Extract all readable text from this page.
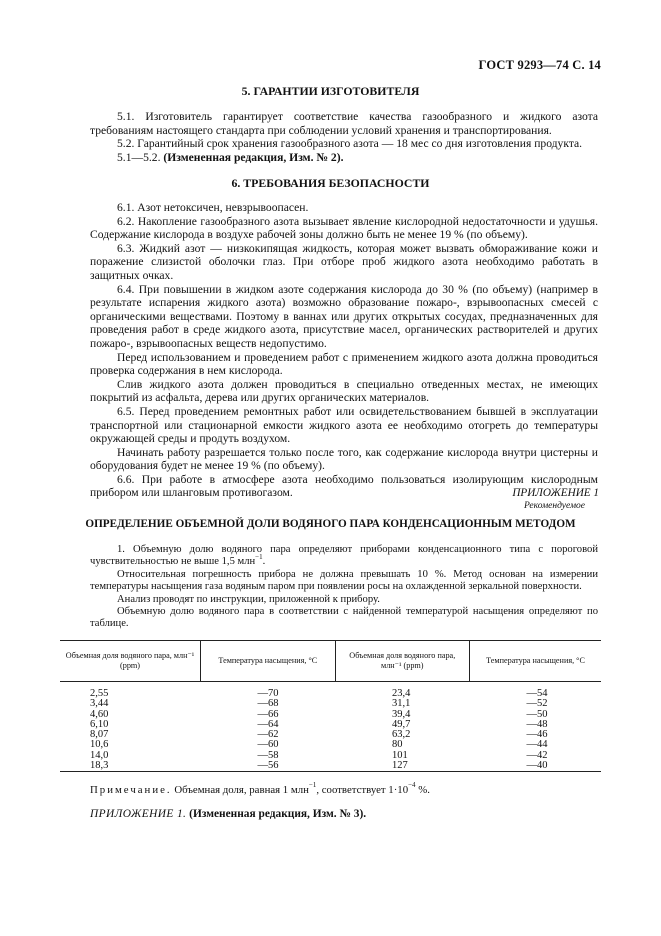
ГОСТ 9293—74 С. 14
5. ГАРАНТИИ ИЗГОТОВИТЕЛЯ

5.1. Изготовитель гарантирует соответствие качества газообразного и жидкого азота требованиям настоящего стандарта при соблюдении условий хранения и транспортирования.

5.2. Гарантийный срок хранения газообразного азота — 18 мес со дня изготовления продукта.

5.1—5.2. (Измененная редакция, Изм. № 2).

6. ТРЕБОВАНИЯ БЕЗОПАСНОСТИ

6.1. Азот нетоксичен, невзрывоопасен.

6.2. Накопление газообразного азота вызывает явление кислородной недостаточности и удушья. Содержание кислорода в воздухе рабочей зоны должно быть не менее 19 % (по объему).

6.3. Жидкий азот — низкокипящая жидкость, которая может вызвать обмораживание кожи и поражение слизистой оболочки глаз. При отборе проб жидкого азота необходимо работать в защитных очках.

6.4. При повышении в жидком азоте содержания кислорода до 30 % (по объему) (например в результате испарения жидкого азота) возможно образование пожаро-, взрывоопасных смесей с органическими веществами. Поэтому в ваннах или других открытых сосудах, предназначенных для проведения работ в среде жидкого азота, присутствие масел, органических растворителей и других пожаро-, взрывоопасных веществ недопустимо.

Перед использованием и проведением работ с применением жидкого азота должна проводиться проверка содержания в нем кислорода.

Слив жидкого азота должен проводиться в специально отведенных местах, не имеющих покрытий из асфальта, дерева или других органических материалов.

6.5. Перед проведением ремонтных работ или освидетельствованием бывшей в эксплуатации транспортной или стационарной емкости жидкого азота ее необходимо отогреть до температуры окружающей среды и продуть воздухом.

Начинать работу разрешается только после того, как содержание кислорода внутри цистерны и оборудования будет не менее 19 % (по объему).

6.6. При работе в атмосфере азота необходимо пользоваться изолирующим кислородным прибором или шланговым противогазом.	ПРИЛОЖЕНИЕ 1
Рекомендуемое
ОПРЕДЕЛЕНИЕ ОБЪЕМНОЙ ДОЛИ ВОДЯНОГО ПАРА КОНДЕНСАЦИОННЫМ МЕТОДОМ

1. Объемную долю водяного пара определяют приборами конденсационного типа с пороговой чувствительностью не выше 1,5 млн$^{-1}$.

Относительная погрешность прибора не должна превышать 10 %. Метод основан на измерении температуры насыщения газа водяным паром при появлении росы на охлажденной зеркальной поверхности.

Анализ проводят по инструкции, приложенной к прибору.

Объемную долю водяного пара в соответствии с найденной температурой насыщения определяют по таблице.

Объемная доля водяного пара, млн⁻¹ (ppm)	Температура насыщения, °С	Объемная доля водяного пара, млн⁻¹ (ppm)	Температура насыщения, °С

2,55	—70	23,4	—54
3,44	—68	31,1	—52
4,60	—66	39,4	—50
6,10	—64	49,7	—48
8,07	—62	63,2	—46
10,6	—60	80	—44
14,0	—58	101	—42
18,3	—56	127	—40
Примечание. Объемная доля, равная 1 млн$^{-1}$, соответствует $1\cdot 10^{-4}$ %.
ПРИЛОЖЕНИЕ 1. (Измененная редакция, Изм. № 3).
